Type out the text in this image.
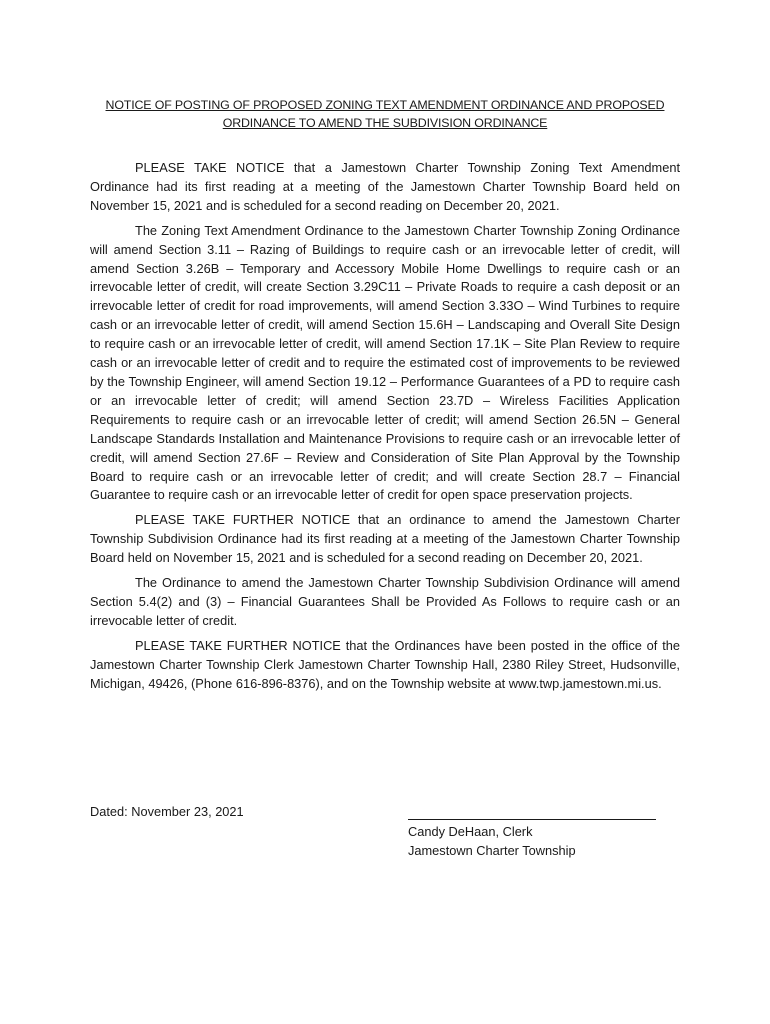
NOTICE OF POSTING OF PROPOSED ZONING TEXT AMENDMENT ORDINANCE AND PROPOSED ORDINANCE TO AMEND THE SUBDIVISION ORDINANCE

PLEASE TAKE NOTICE that a Jamestown Charter Township Zoning Text Amendment Ordinance had its first reading at a meeting of the Jamestown Charter Township Board held on November 15, 2021 and is scheduled for a second reading on December 20, 2021.

The Zoning Text Amendment Ordinance to the Jamestown Charter Township Zoning Ordinance will amend Section 3.11 – Razing of Buildings to require cash or an irrevocable letter of credit, will amend Section 3.26B – Temporary and Accessory Mobile Home Dwellings to require cash or an irrevocable letter of credit, will create Section 3.29C11 – Private Roads to require a cash deposit or an irrevocable letter of credit for road improvements, will amend Section 3.33O – Wind Turbines to require cash or an irrevocable letter of credit, will amend Section 15.6H – Landscaping and Overall Site Design to require cash or an irrevocable letter of credit, will amend Section 17.1K – Site Plan Review to require cash or an irrevocable letter of credit and to require the estimated cost of improvements to be reviewed by the Township Engineer, will amend Section 19.12 – Performance Guarantees of a PD to require cash or an irrevocable letter of credit; will amend Section 23.7D – Wireless Facilities Application Requirements to require cash or an irrevocable letter of credit; will amend Section 26.5N – General Landscape Standards Installation and Maintenance Provisions to require cash or an irrevocable letter of credit, will amend Section 27.6F – Review and Consideration of Site Plan Approval by the Township Board to require cash or an irrevocable letter of credit; and will create Section 28.7 – Financial Guarantee to require cash or an irrevocable letter of credit for open space preservation projects.

PLEASE TAKE FURTHER NOTICE that an ordinance to amend the Jamestown Charter Township Subdivision Ordinance had its first reading at a meeting of the Jamestown Charter Township Board held on November 15, 2021 and is scheduled for a second reading on December 20, 2021.

The Ordinance to amend the Jamestown Charter Township Subdivision Ordinance will amend Section 5.4(2) and (3) – Financial Guarantees Shall be Provided As Follows to require cash or an irrevocable letter of credit.

PLEASE TAKE FURTHER NOTICE that the Ordinances have been posted in the office of the Jamestown Charter Township Clerk Jamestown Charter Township Hall, 2380 Riley Street, Hudsonville, Michigan, 49426, (Phone 616-896-8376), and on the Township website at www.twp.jamestown.mi.us.

Dated: November 23, 2021
Candy DeHaan, Clerk
Jamestown Charter Township
